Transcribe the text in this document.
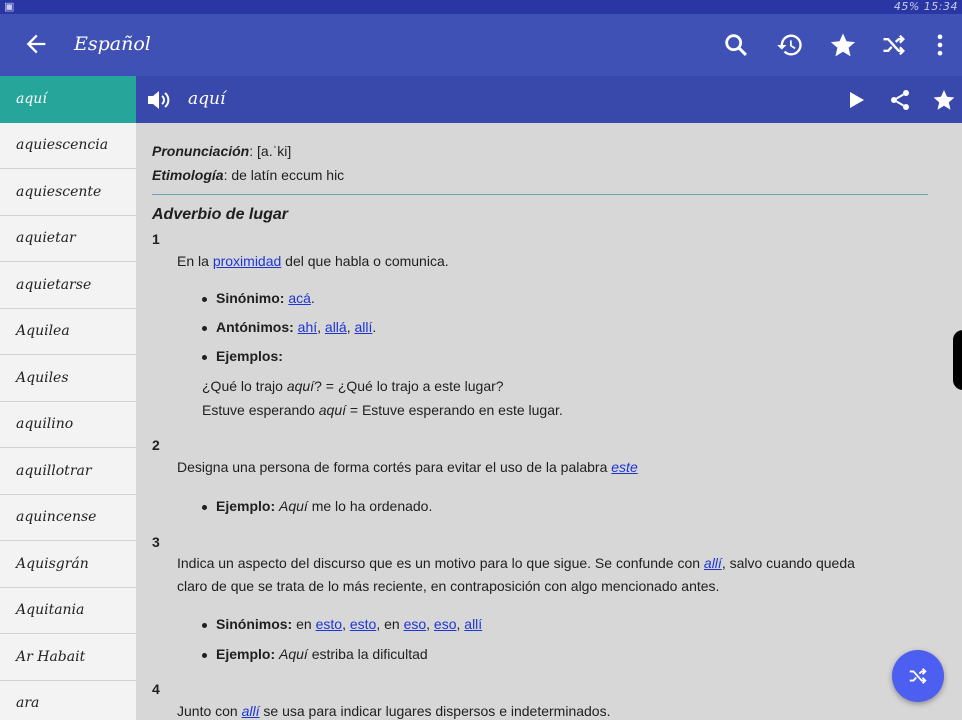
▣	45% 15:34
Español
aquí
aquiescencia
aquiescente
aquietar
aquietarse
Aquilea
Aquiles
aquilino
aquillotrar
aquincense
Aquisgrán
Aquitania
Ar Habait
ara
aquí
Pronunciación: [a.ˈki]
Etimología: de latín eccum hic
Adverbio de lugar
1
En la proximidad del que habla o comunica.
Sinónimo: acá.
Antónimos: ahí, allá, allí.
Ejemplos:
¿Qué lo trajo aquí? = ¿Qué lo trajo a este lugar?
Estuve esperando aquí = Estuve esperando en este lugar.
2
Designa una persona de forma cortés para evitar el uso de la palabra este
Ejemplo: Aquí me lo ha ordenado.
3
Indica un aspecto del discurso que es un motivo para lo que sigue. Se confunde con allí, salvo cuando queda
claro de que se trata de lo más reciente, en contraposición con algo mencionado antes.
Sinónimos: en esto, esto, en eso, eso, allí
Ejemplo: Aquí estriba la dificultad
4
Junto con allí se usa para indicar lugares dispersos e indeterminados.
